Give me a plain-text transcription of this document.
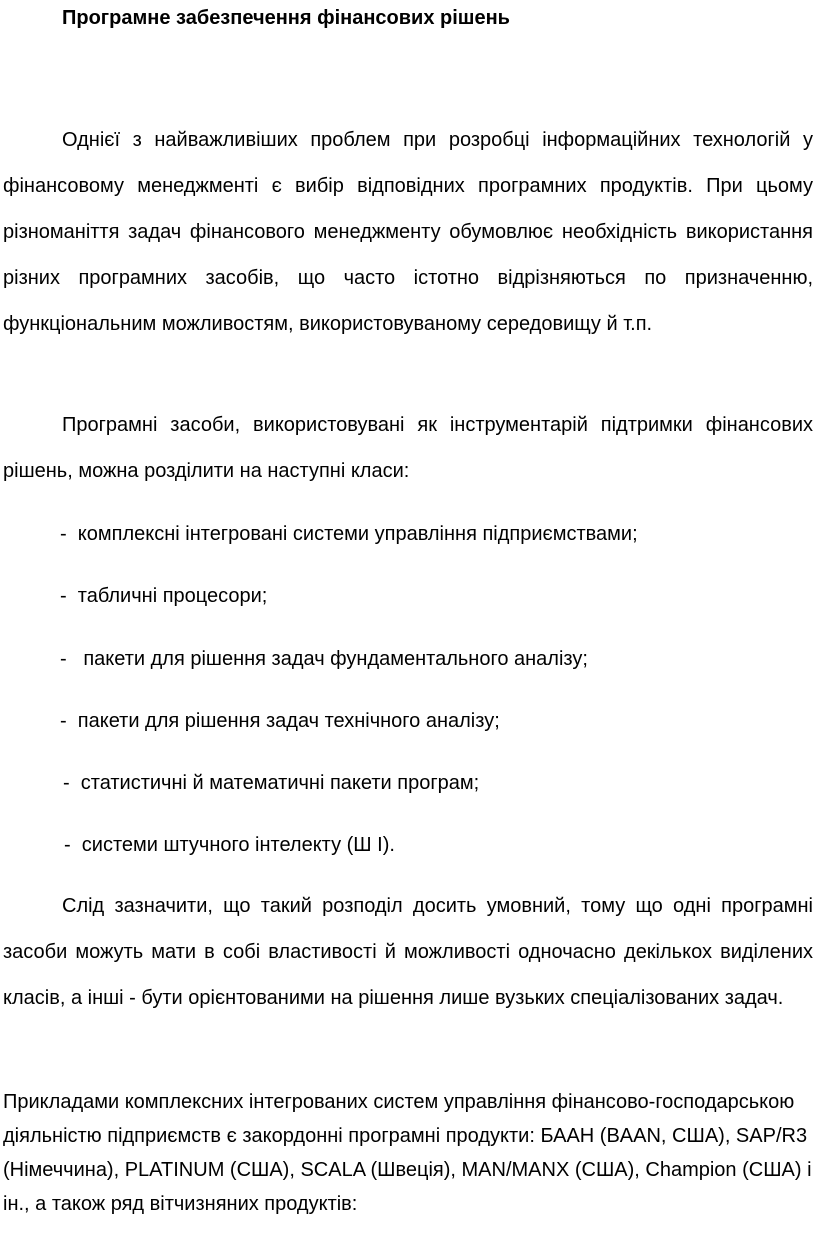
Програмне забезпечення фінансових рішень

Однієї з найважливіших проблем при розробці інформаційних технологій у фінансовому менеджменті є вибір відповідних програмних продуктів. При цьому різноманіття задач фінансового менеджменту обумовлює необхідність використання різних програмних засобів, що часто істотно відрізняються по призначенню, функціональним можливостям, використовуваному середовищу й т.п.

Програмні засоби, використовувані як інструментарій підтримки фінансових рішень, можна розділити на наступні класи:

-  комплексні інтегровані системи управління підприємствами;
-  табличні процесори;
-   пакети для рішення задач фундаментального аналізу;
-  пакети для рішення задач технічного аналізу;
-  статистичні й математичні пакети програм;
-  системи штучного інтелекту (Ш І).

Слід зазначити, що такий розподіл досить умовний, тому що одні програмні засоби можуть мати в собі властивості й можливості одночасно декількох виділених класів, а інші - бути орієнтованими на рішення лише вузьких спеціалізованих задач.

Прикладами комплексних інтегрованих систем управління фінансово-господарською діяльністю підприємств є закордонні програмні продукти: БААН (BAAN, США), SAP/R3 (Німеччина), PLATINUM (США), SCALA (Швеція), MAN/MANX (США), Champion (США) і ін., а також ряд вітчизняних продуктів:
